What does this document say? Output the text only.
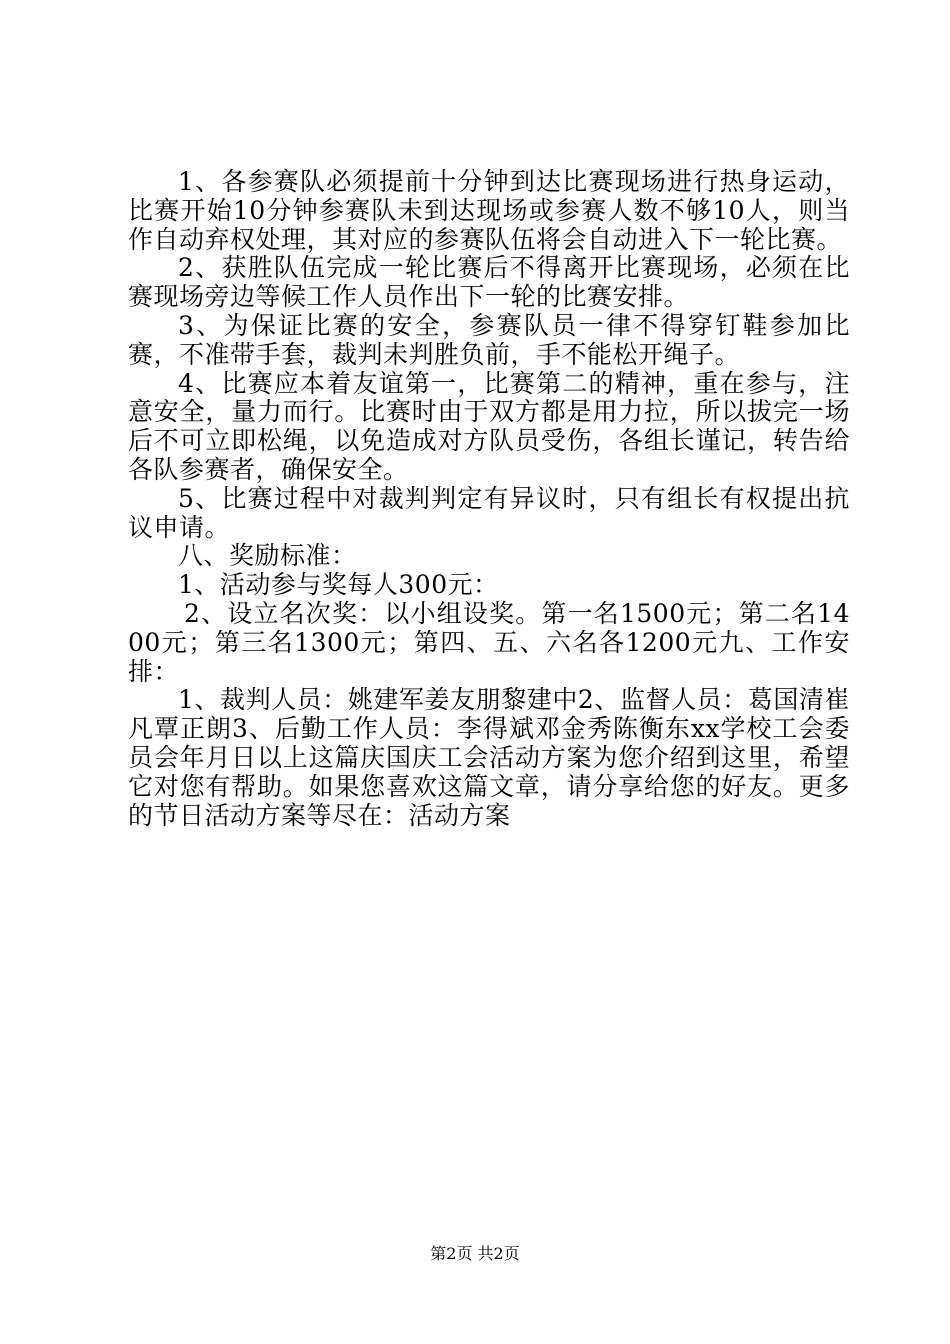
1、各参赛队必须提前十分钟到达比赛现场进行热身运动，比赛开始10分钟参赛队未到达现场或参赛人数不够10人，则当作自动弃权处理，其对应的参赛队伍将会自动进入下一轮比赛。

2、获胜队伍完成一轮比赛后不得离开比赛现场，必须在比赛现场旁边等候工作人员作出下一轮的比赛安排。

3、为保证比赛的安全，参赛队员一律不得穿钉鞋参加比赛，不准带手套，裁判未判胜负前，手不能松开绳子。

4、比赛应本着友谊第一，比赛第二的精神，重在参与，注意安全，量力而行。比赛时由于双方都是用力拉，所以拔完一场后不可立即松绳，以免造成对方队员受伤，各组长谨记，转告给各队参赛者，确保安全。

5、比赛过程中对裁判判定有异议时，只有组长有权提出抗议申请。

八、奖励标准：

1、活动参与奖每人300元：

2、设立名次奖：以小组设奖。第一名1500元；第二名1400元；第三名1300元；第四、五、六名各1200元九、工作安排：

1、裁判人员：姚建军姜友朋黎建中2、监督人员：葛国清崔凡覃正朗3、后勤工作人员：李得斌邓金秀陈衡东xx学校工会委员会年月日以上这篇庆国庆工会活动方案为您介绍到这里，希望它对您有帮助。如果您喜欢这篇文章，请分享给您的好友。更多的节日活动方案等尽在：活动方案

第2页 共2页
